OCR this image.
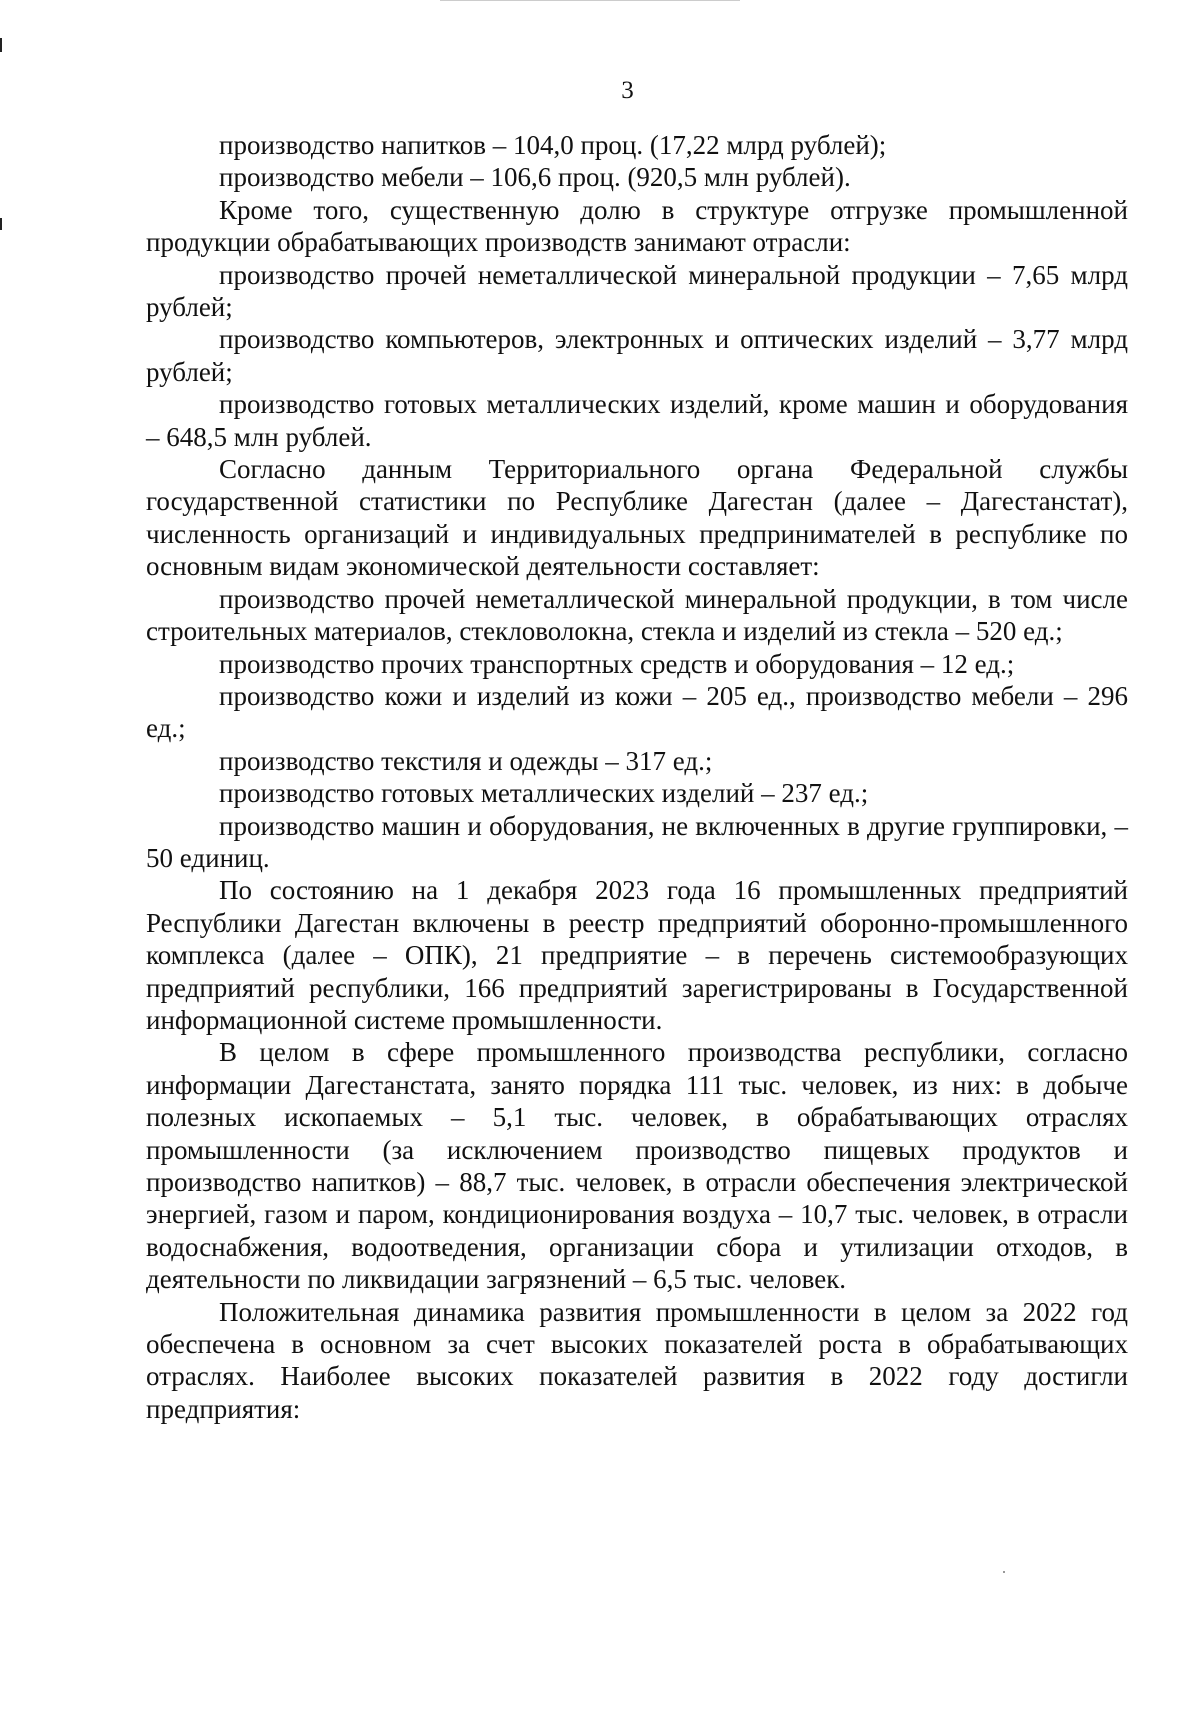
3

производство напитков – 104,0 проц. (17,22 млрд рублей);

производство мебели – 106,6 проц. (920,5 млн рублей).

Кроме того, существенную долю в структуре отгрузке промышленной продукции обрабатывающих производств занимают отрасли:

производство прочей неметаллической минеральной продукции – 7,65 млрд рублей;

производство компьютеров, электронных и оптических изделий – 3,77 млрд рублей;

производство готовых металлических изделий, кроме машин и оборудования – 648,5 млн рублей.

Согласно данным Территориального органа Федеральной службы государственной статистики по Республике Дагестан (далее – Дагестанстат), численность организаций и индивидуальных предпринимателей в республике по основным видам экономической деятельности составляет:

производство прочей неметаллической минеральной продукции, в том числе строительных материалов, стекловолокна, стекла и изделий из стекла – 520 ед.;

производство прочих транспортных средств и оборудования – 12 ед.;

производство кожи и изделий из кожи – 205 ед., производство мебели – 296 ед.;

производство текстиля и одежды – 317 ед.;

производство готовых металлических изделий – 237 ед.;

производство машин и оборудования, не включенных в другие группировки, – 50 единиц.

По состоянию на 1 декабря 2023 года 16 промышленных предприятий Республики Дагестан включены в реестр предприятий оборонно-промышленного комплекса (далее – ОПК), 21 предприятие – в перечень системообразующих предприятий республики, 166 предприятий зарегистрированы в Государственной информационной системе промышленности.

В целом в сфере промышленного производства республики, согласно информации Дагестанстата, занято порядка 111 тыс. человек, из них: в добыче полезных ископаемых – 5,1 тыс. человек, в обрабатывающих отраслях промышленности (за исключением производство пищевых продуктов и производство напитков) – 88,7 тыс. человек, в отрасли обеспечения электрической энергией, газом и паром, кондиционирования воздуха – 10,7 тыс. человек, в отрасли водоснабжения, водоотведения, организации сбора и утилизации отходов, в деятельности по ликвидации загрязнений – 6,5 тыс. человек.

Положительная динамика развития промышленности в целом за 2022 год обеспечена в основном за счет высоких показателей роста в обрабатывающих отраслях. Наиболее высоких показателей развития в 2022 году достигли предприятия:
